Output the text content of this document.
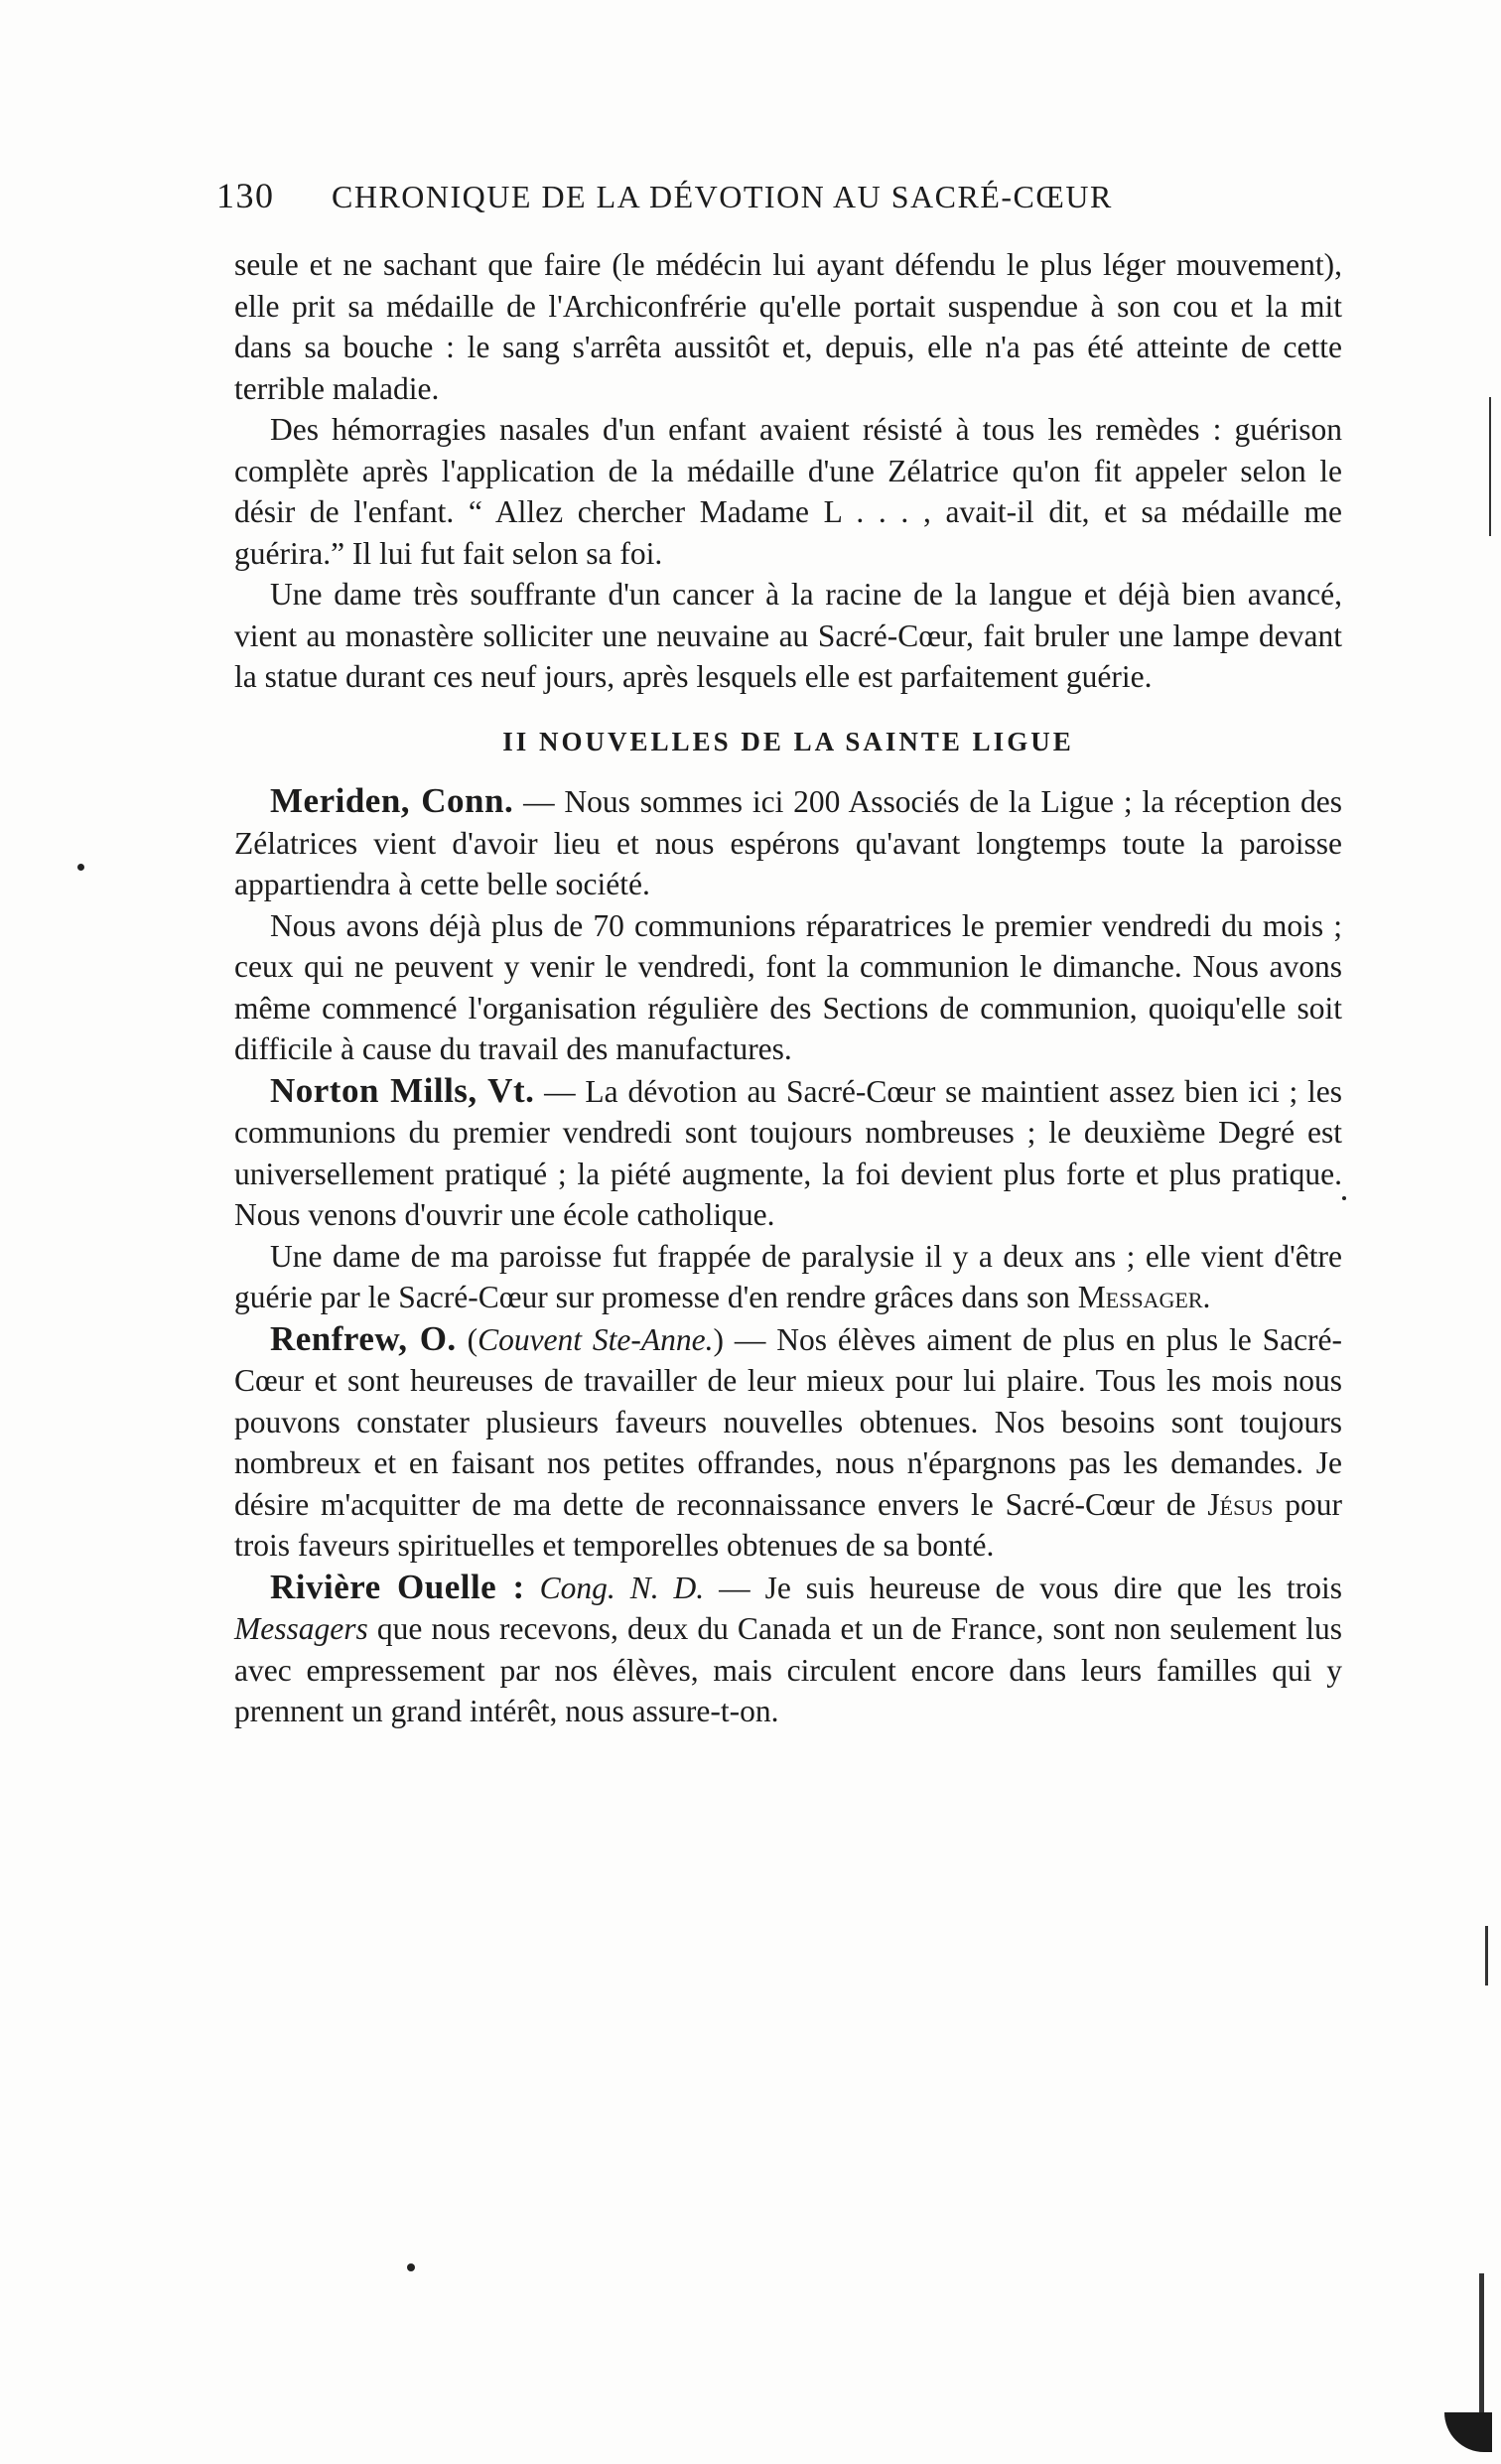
130 CHRONIQUE DE LA DÉVOTION AU SACRÉ-CŒUR

seule et ne sachant que faire (le médécin lui ayant défendu le plus léger mouvement), elle prit sa médaille de l'Archiconfrérie qu'elle portait suspendue à son cou et la mit dans sa bouche : le sang s'arrêta aussitôt et, depuis, elle n'a pas été atteinte de cette terrible maladie.

Des hémorragies nasales d'un enfant avaient résisté à tous les remèdes : guérison complète après l'application de la médaille d'une Zélatrice qu'on fit appeler selon le désir de l'enfant. “ Allez chercher Madame L . . . , avait-il dit, et sa médaille me guérira.” Il lui fut fait selon sa foi.

Une dame très souffrante d'un cancer à la racine de la langue et déjà bien avancé, vient au monastère solliciter une neuvaine au Sacré-Cœur, fait bruler une lampe devant la statue durant ces neuf jours, après lesquels elle est parfaitement guérie.

II NOUVELLES DE LA SAINTE LIGUE

Meriden, Conn. — Nous sommes ici 200 Associés de la Ligue ; la réception des Zélatrices vient d'avoir lieu et nous espérons qu'avant longtemps toute la paroisse appartiendra à cette belle société.

Nous avons déjà plus de 70 communions réparatrices le premier vendredi du mois ; ceux qui ne peuvent y venir le vendredi, font la communion le dimanche. Nous avons même commencé l'organisation régulière des Sections de communion, quoiqu'elle soit difficile à cause du travail des manufactures.

Norton Mills, Vt. — La dévotion au Sacré-Cœur se maintient assez bien ici ; les communions du premier vendredi sont toujours nombreuses ; le deuxième Degré est universellement pratiqué ; la piété augmente, la foi devient plus forte et plus pratique. Nous venons d'ouvrir une école catholique.

Une dame de ma paroisse fut frappée de paralysie il y a deux ans ; elle vient d'être guérie par le Sacré-Cœur sur promesse d'en rendre grâces dans son Messager.

Renfrew, O. (Couvent Ste-Anne.) — Nos élèves aiment de plus en plus le Sacré-Cœur et sont heureuses de travailler de leur mieux pour lui plaire. Tous les mois nous pouvons constater plusieurs faveurs nouvelles obtenues. Nos besoins sont toujours nombreux et en faisant nos petites offrandes, nous n'épargnons pas les demandes. Je désire m'acquitter de ma dette de reconnaissance envers le Sacré-Cœur de Jésus pour trois faveurs spirituelles et temporelles obtenues de sa bonté.

Rivière Ouelle : Cong. N. D. — Je suis heureuse de vous dire que les trois Messagers que nous recevons, deux du Canada et un de France, sont non seulement lus avec empressement par nos élèves, mais circulent encore dans leurs familles qui y prennent un grand intérêt, nous assure-t-on.
